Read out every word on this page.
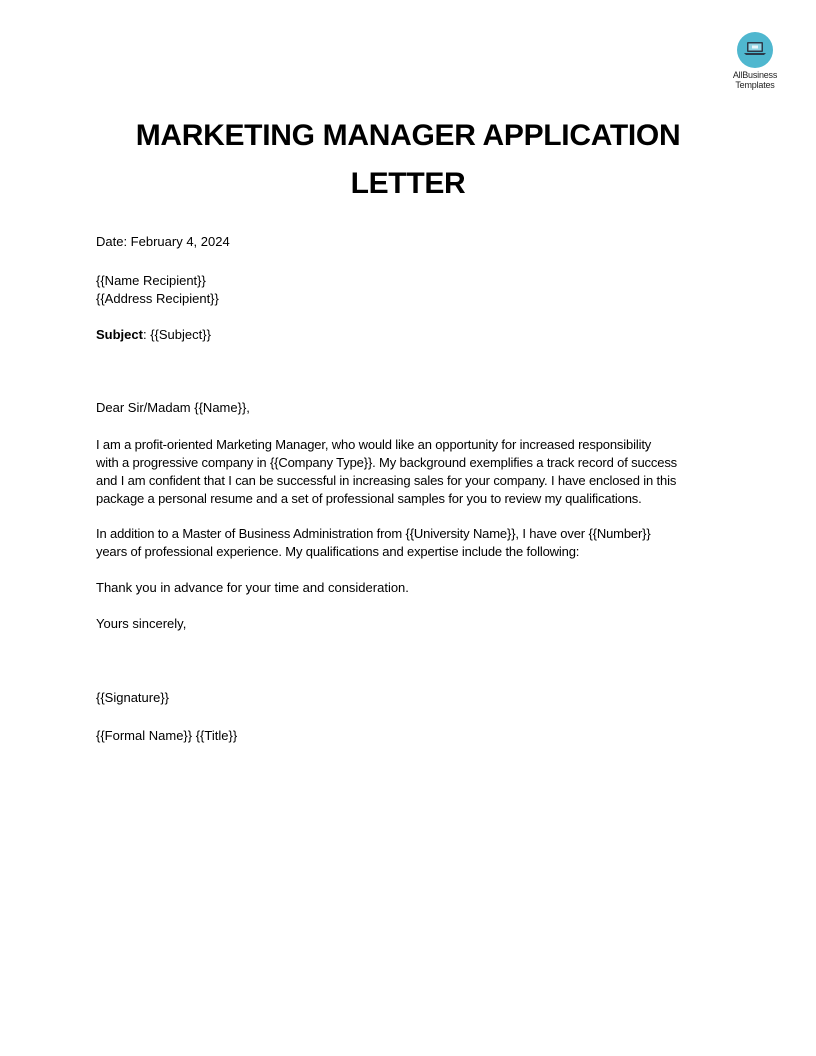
AllBusiness
Templates
MARKETING MANAGER APPLICATION
LETTER
Date: February 4, 2024
{{Name Recipient}}
{{Address Recipient}}
Subject: {{Subject}}
Dear Sir/Madam {{Name}},
I am a profit-oriented Marketing Manager, who would like an opportunity for increased responsibility
with a progressive company in {{Company Type}}. My background exemplifies a track record of success
and I am confident that I can be successful in increasing sales for your company. I have enclosed in this
package a personal resume and a set of professional samples for you to review my qualifications.
In addition to a Master of Business Administration from {{University Name}}, I have over {{Number}}
years of professional experience. My qualifications and expertise include the following:
Thank you in advance for your time and consideration.
Yours sincerely,
{{Signature}}
{{Formal Name}} {{Title}}
